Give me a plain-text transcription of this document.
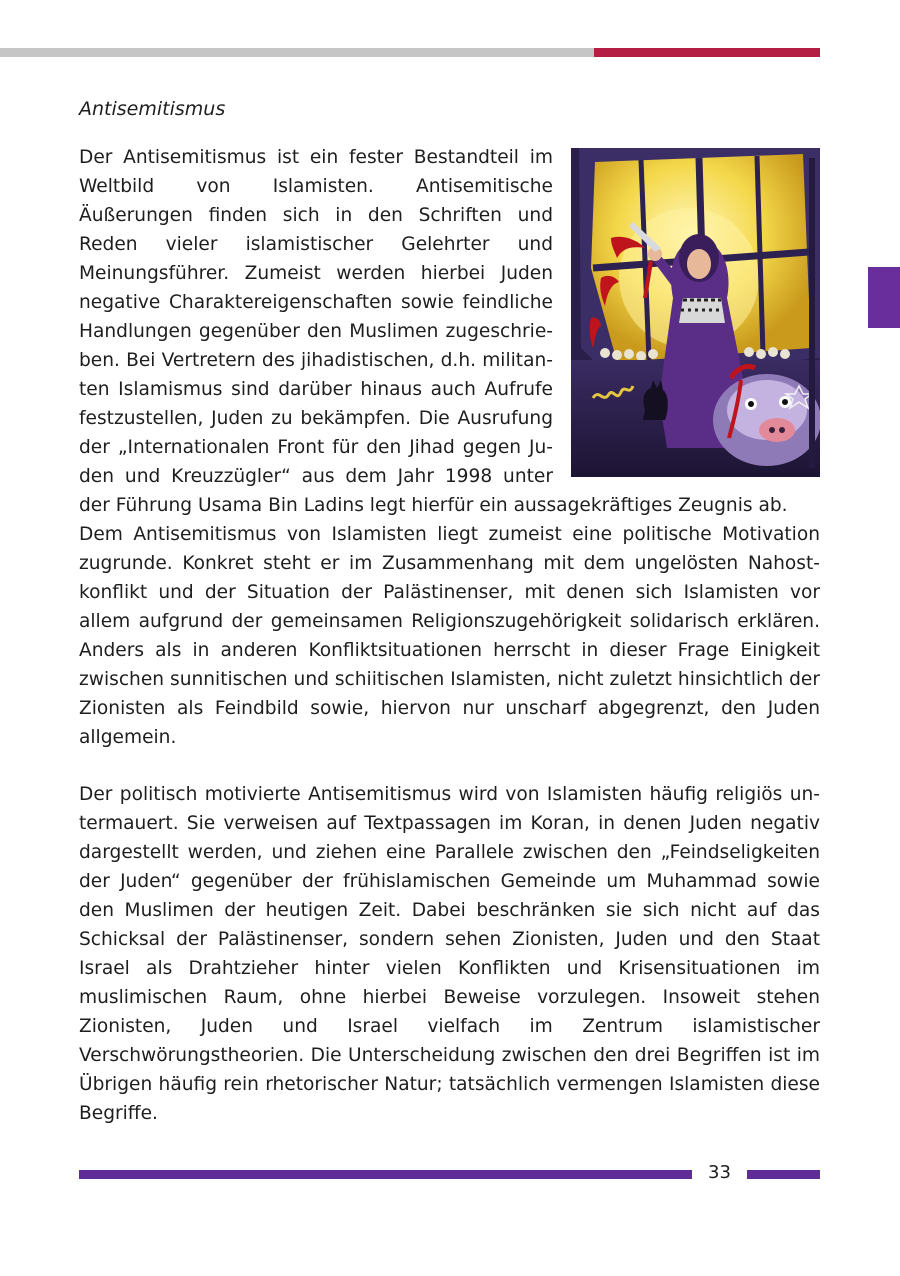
Antisemitismus

Der Antisemitismus ist ein fester Bestandteil im Weltbild von Islamisten. Antisemitische Äußerungen finden sich in den Schriften und Reden vieler islamistischer Gelehrter und Meinungsführer. Zumeist werden hierbei Juden negative Charaktereigenschaften sowie feindliche Handlungen gegenüber den Muslimen zugeschrieben. Bei Vertretern des jihadistischen, d.h. militanten Islamismus sind darüber hinaus auch Aufrufe festzustellen, Juden zu bekämpfen. Die Ausrufung der „Internationalen Front für den Jihad gegen Juden und Kreuzzügler“ aus dem Jahr 1998 unter der Führung Usama Bin Ladins legt hierfür ein aussagekräftiges Zeugnis ab.

Dem Antisemitismus von Islamisten liegt zumeist eine politische Motivation zugrunde. Konkret steht er im Zusammenhang mit dem ungelösten Nahostkonflikt und der Situation der Palästinenser, mit denen sich Islamisten vor allem aufgrund der gemeinsamen Religionszugehörigkeit solidarisch erklären. Anders als in anderen Konfliktsituationen herrscht in dieser Frage Einigkeit zwischen sunnitischen und schiitischen Islamisten, nicht zuletzt hinsichtlich der Zionisten als Feindbild sowie, hiervon nur unscharf abgegrenzt, den Juden allgemein.

Der politisch motivierte Antisemitismus wird von Islamisten häufig religiös untermauert. Sie verweisen auf Textpassagen im Koran, in denen Juden negativ dargestellt werden, und ziehen eine Parallele zwischen den „Feindseligkeiten der Juden“ gegenüber der frühislamischen Gemeinde um Muhammad sowie den Muslimen der heutigen Zeit. Dabei beschränken sie sich nicht auf das Schicksal der Palästinenser, sondern sehen Zionisten, Juden und den Staat Israel als Drahtzieher hinter vielen Konflikten und Krisensituationen im muslimischen Raum, ohne hierbei Beweise vorzulegen. Insoweit stehen Zionisten, Juden und Israel vielfach im Zentrum islamistischer Verschwörungstheorien. Die Unterscheidung zwischen den drei Begriffen ist im Übrigen häufig rein rhetorischer Natur; tatsächlich vermengen Islamisten diese Begriffe.

33
